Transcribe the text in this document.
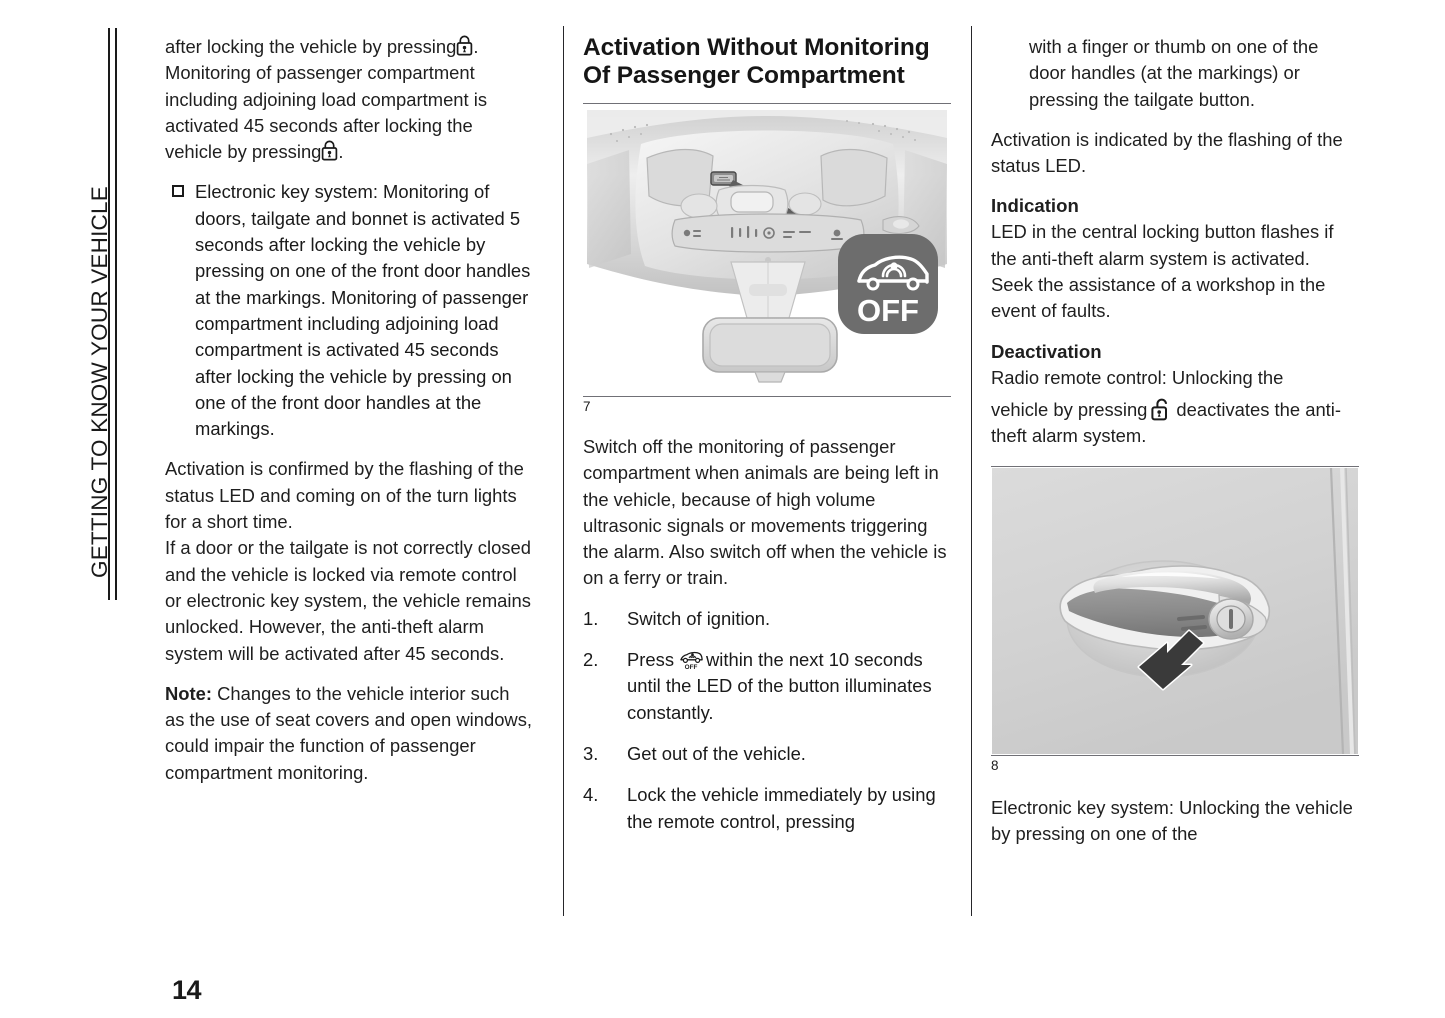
GETTING TO KNOW YOUR VEHICLE

after locking the vehicle by pressing . Monitoring of passenger compartment including adjoining load compartment is activated 45 seconds after locking the vehicle by pressing .

Electronic key system: Monitoring of doors, tailgate and bonnet is activated 5 seconds after locking the vehicle by pressing on one of the front door handles at the markings. Monitoring of passenger compartment including adjoining load compartment is activated 45 seconds after locking the vehicle by pressing on one of the front door handles at the markings.

Activation is confirmed by the flashing of the status LED and coming on of the turn lights for a short time.

If a door or the tailgate is not correctly closed and the vehicle is locked via remote control or electronic key system, the vehicle remains unlocked. However, the anti-theft alarm system will be activated after 45 seconds.

Note: Changes to the vehicle interior such as the use of seat covers and open windows, could impair the function of passenger compartment monitoring.

Activation Without Monitoring Of Passenger Compartment
OFF
7

Switch off the monitoring of passenger compartment when animals are being left in the vehicle, because of high volume ultrasonic signals or movements triggering the alarm. Also switch off when the vehicle is on a ferry or train.

1.	Switch of ignition.
2.	Press OFF within the next 10 seconds until the LED of the button illuminates constantly.
3.	Get out of the vehicle.
4.	Lock the vehicle immediately by using the remote control, pressing

with a finger or thumb on one of the door handles (at the markings) or pressing the tailgate button.

Activation is indicated by the flashing of the status LED.

Indication

LED in the central locking button flashes if the anti-theft alarm system is activated.

Seek the assistance of a workshop in the event of faults.

Deactivation

Radio remote control: Unlocking the

vehicle by pressing deactivates the anti-theft alarm system.

8

Electronic key system: Unlocking the vehicle by pressing on one of the

14
